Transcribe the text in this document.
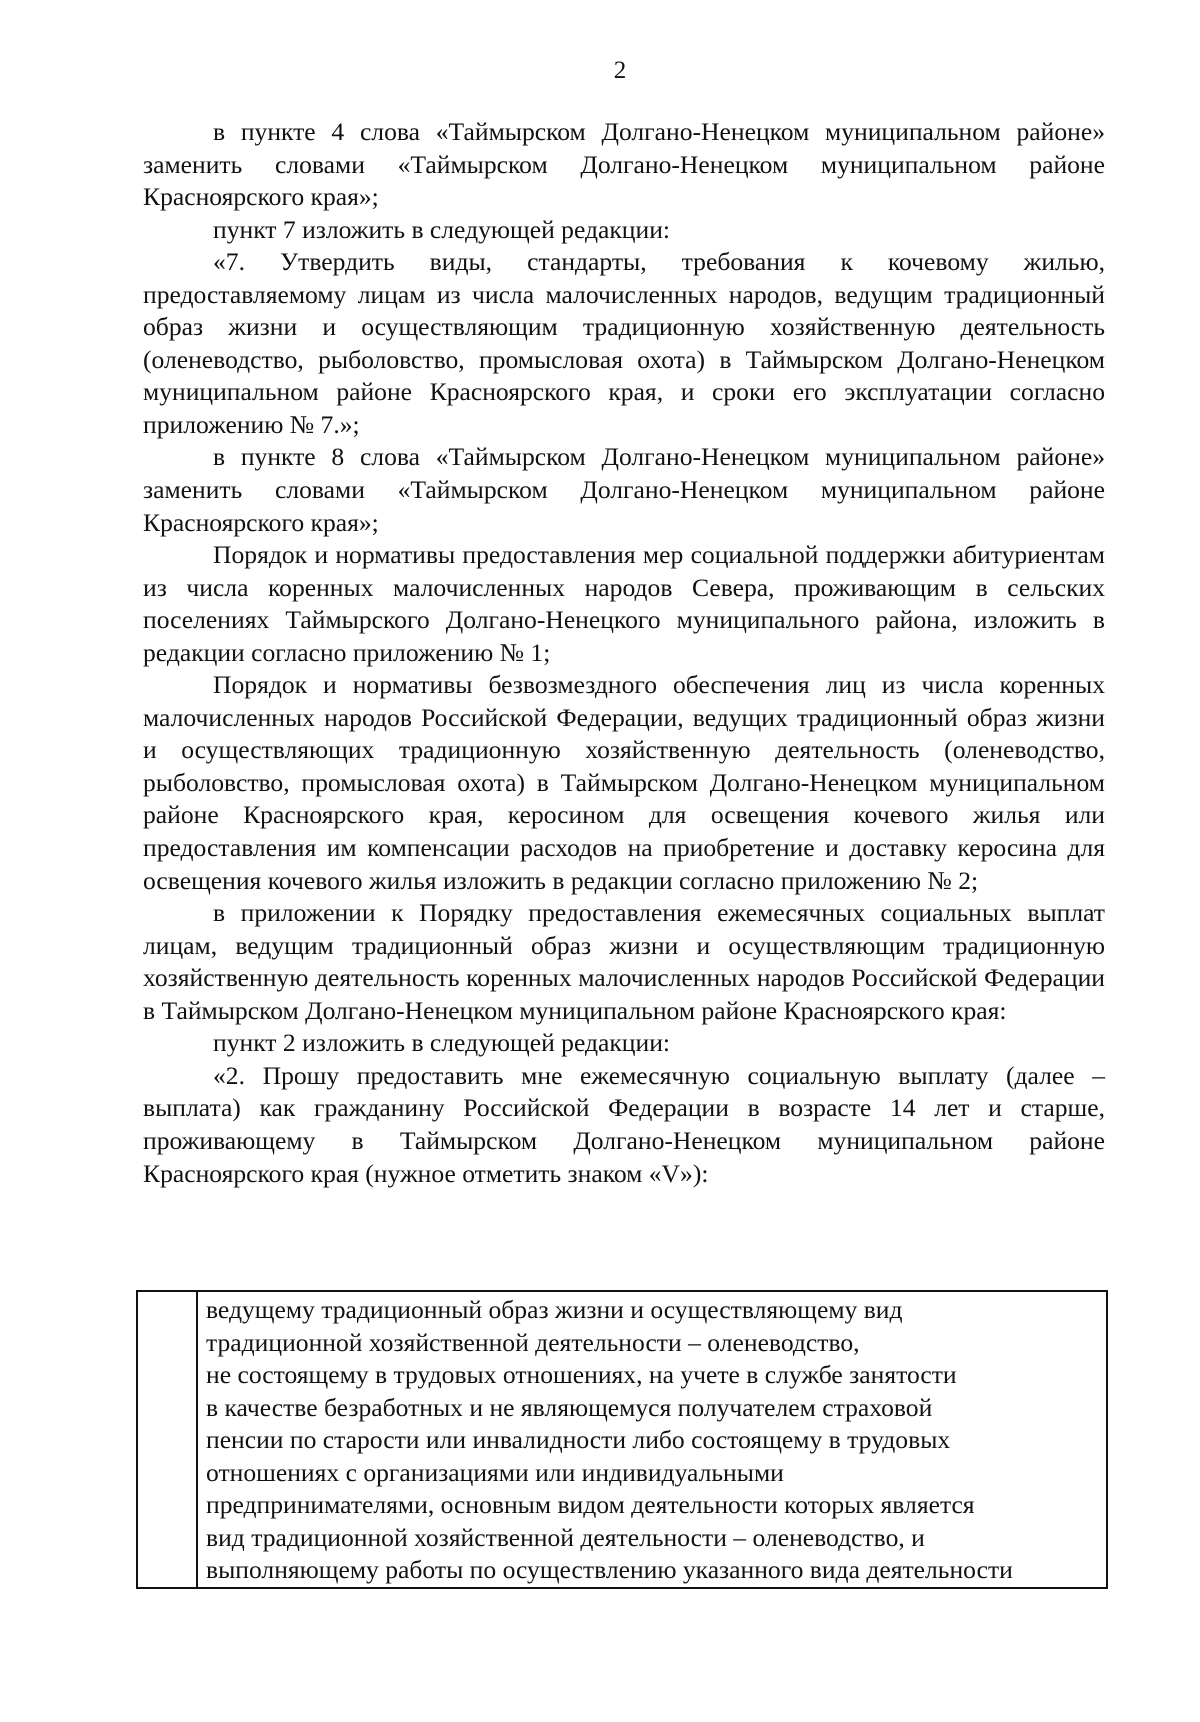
2

в пункте 4 слова «Таймырском Долгано-Ненецком муниципальном районе» заменить словами «Таймырском Долгано-Ненецком муниципальном районе Красноярского края»;

пункт 7 изложить в следующей редакции:

«7. Утвердить виды, стандарты, требования к кочевому жилью, предоставляемому лицам из числа малочисленных народов, ведущим традиционный образ жизни и осуществляющим традиционную хозяйственную деятельность (оленеводство, рыболовство, промысловая охота) в Таймырском Долгано-Ненецком муниципальном районе Красноярского края, и сроки его эксплуатации согласно приложению № 7.»;

в пункте 8 слова «Таймырском Долгано-Ненецком муниципальном районе» заменить словами «Таймырском Долгано-Ненецком муниципальном районе Красноярского края»;

Порядок и нормативы предоставления мер социальной поддержки абитуриентам из числа коренных малочисленных народов Севера, проживающим в сельских поселениях Таймырского Долгано-Ненецкого муниципального района, изложить в редакции согласно приложению № 1;

Порядок и нормативы безвозмездного обеспечения лиц из числа коренных малочисленных народов Российской Федерации, ведущих традиционный образ жизни и осуществляющих традиционную хозяйственную деятельность (оленеводство, рыболовство, промысловая охота) в Таймырском Долгано-Ненецком муниципальном районе Красноярского края, керосином для освещения кочевого жилья или предоставления им компенсации расходов на приобретение и доставку керосина для освещения кочевого жилья изложить в редакции согласно приложению № 2;

в приложении к Порядку предоставления ежемесячных социальных выплат лицам, ведущим традиционный образ жизни и осуществляющим традиционную хозяйственную деятельность коренных малочисленных народов Российской Федерации в Таймырском Долгано-Ненецком муниципальном районе Красноярского края:

пункт 2 изложить в следующей редакции:

«2. Прошу предоставить мне ежемесячную социальную выплату (далее – выплата) как гражданину Российской Федерации в возрасте 14 лет и старше, проживающему в Таймырском Долгано-Ненецком муниципальном районе Красноярского края (нужное отметить знаком «V»):

	ведущему традиционный образ жизни и осуществляющему вид
традиционной хозяйственной деятельности – оленеводство,
не состоящему в трудовых отношениях, на учете в службе занятости
в качестве безработных и не являющемуся получателем страховой
пенсии по старости или инвалидности либо состоящему в трудовых
отношениях с организациями или индивидуальными
предпринимателями, основным видом деятельности которых является
вид традиционной хозяйственной деятельности – оленеводство, и
выполняющему работы по осуществлению указанного вида деятельности
